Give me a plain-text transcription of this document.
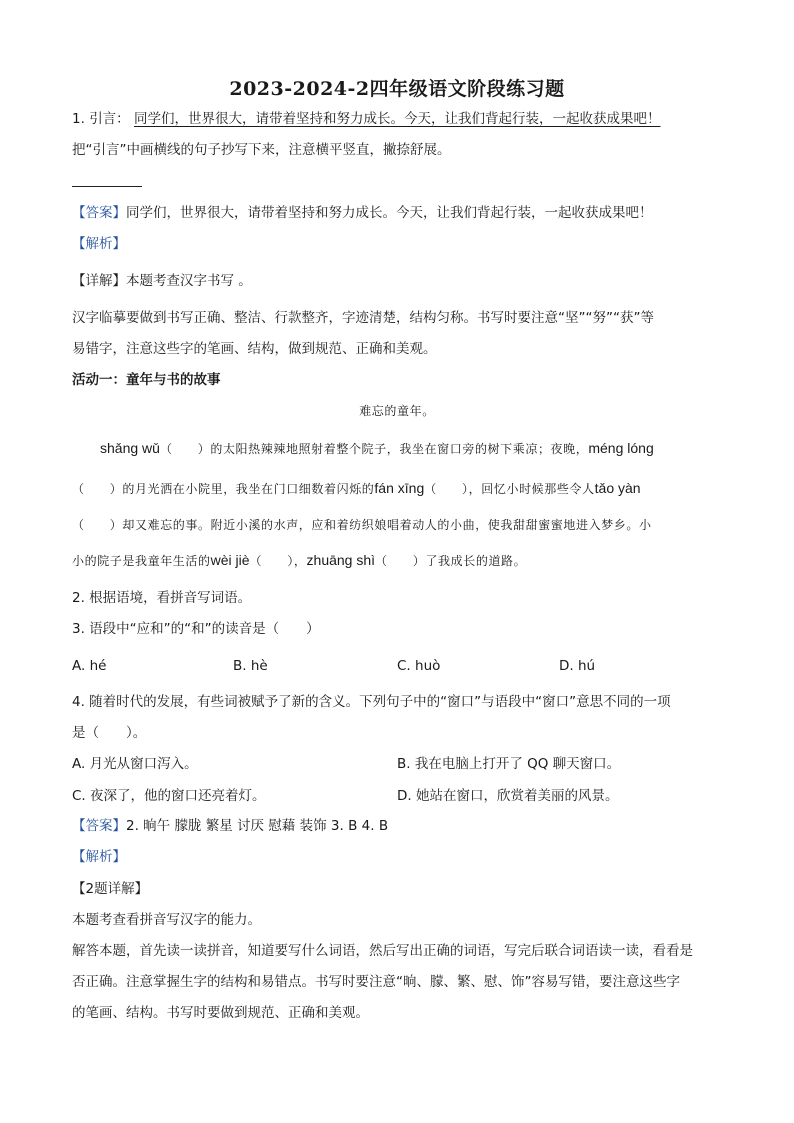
2023-2024-2四年级语文阶段练习题
1. 引言： 同学们，世界很大，请带着坚持和努力成长。今天，让我们背起行装，一起收获成果吧！
把“引言”中画横线的句子抄写下来，注意横平竖直，撇捺舒展。
【答案】同学们，世界很大，请带着坚持和努力成长。今天，让我们背起行装，一起收获成果吧！
【解析】
【详解】本题考查汉字书写 。
汉字临摹要做到书写正确、整洁、行款整齐，字迹清楚，结构匀称。书写时要注意“坚”“努”“获”等
易错字，注意这些字的笔画、结构，做到规范、正确和美观。
活动一：童年与书的故事
难忘的童年。
shǎng wǔ（　　）的太阳热辣辣地照射着整个院子，我坐在窗口旁的树下乘凉；夜晚，méng lóng
（　　）的月光洒在小院里，我坐在门口细数着闪烁的fán xīng（　　），回忆小时候那些令人tǎo yàn
（　　）却又难忘的事。附近小溪的水声，应和着纺织娘唱着动人的小曲，使我甜甜蜜蜜地进入梦乡。小
小的院子是我童年生活的wèi jiè（　　），zhuāng shì（　　）了我成长的道路。
2. 根据语境，看拼音写词语。
3. 语段中“应和”的“和”的读音是（　　）
A. hé	B. hè	C. huò	D. hú
4. 随着时代的发展，有些词被赋予了新的含义。下列句子中的“窗口”与语段中“窗口”意思不同的一项
是（　　）。
A. 月光从窗口泻入。	B. 我在电脑上打开了 QQ 聊天窗口。
C. 夜深了，他的窗口还亮着灯。	D. 她站在窗口，欣赏着美丽的风景。
【答案】2. 晌午 朦胧 繁星 讨厌 慰藉 装饰 3. B 4. B
【解析】
【2题详解】
本题考查看拼音写汉字的能力。
解答本题，首先读一读拼音，知道要写什么词语，然后写出正确的词语，写完后联合词语读一读，看看是
否正确。注意掌握生字的结构和易错点。书写时要注意“晌、朦、繁、慰、饰”容易写错，要注意这些字
的笔画、结构。书写时要做到规范、正确和美观。
